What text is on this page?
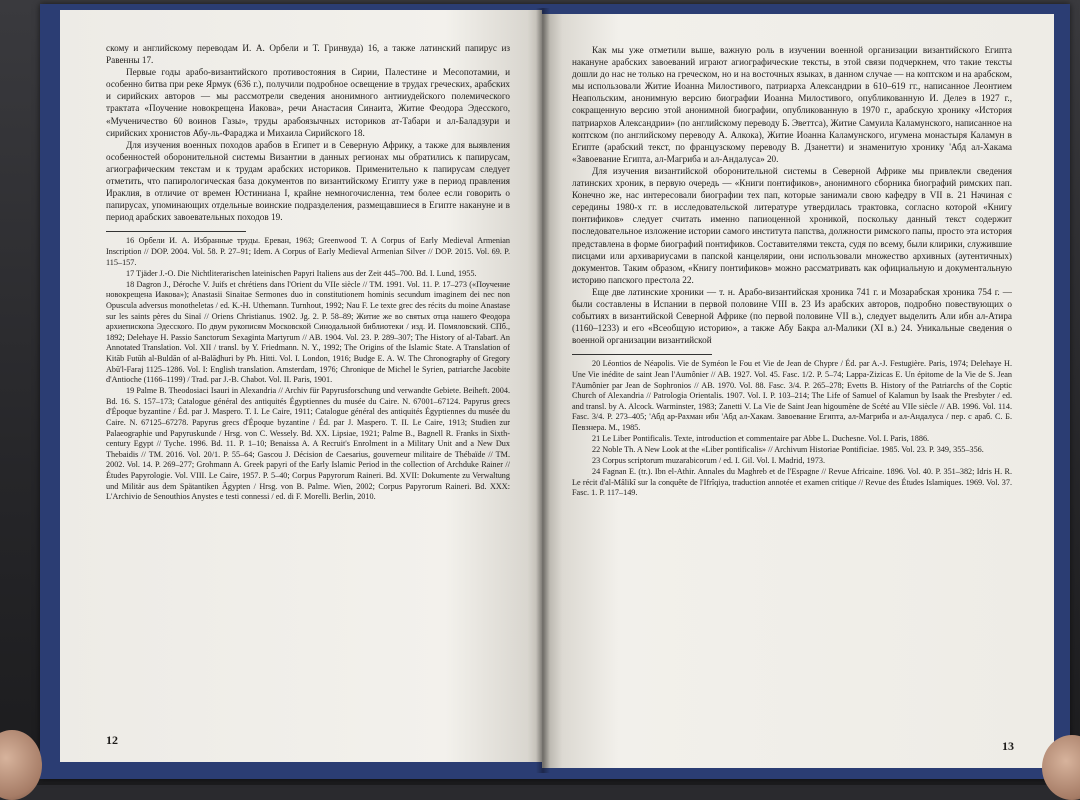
скому и английскому переводам И. А. Орбели и Т. Гринвуда) 16, а также латинский папирус из Равенны 17.

Первые годы арабо-византийского противостояния в Сирии, Палестине и Месопотамии, и особенно битва при реке Ярмук (636 г.), получили подробное освещение в трудах греческих, арабских и сирийских авторов — мы рассмотрели сведения анонимного антииудейского полемического трактата «Поучение новокрещена Иакова», речи Анастасия Синаита, Житие Феодора Эдесского, «Мученичество 60 воинов Газы», труды арабоязычных историков ат-Табари и ал-Баладзури и сирийских хронистов Абу-ль-Фараджа и Михаила Сирийского 18.

Для изучения военных походов арабов в Египет и в Северную Африку, а также для выявления особенностей оборонительной системы Византии в данных регионах мы обратились к папирусам, агиографическим текстам и к трудам арабских историков. Применительно к папирусам следует отметить, что папирологическая база документов по византийскому Египту уже в период правления Ираклия, в отличие от времен Юстиниана I, крайне немногочисленна, тем более если говорить о папирусах, упоминающих отдельные воинские подразделения, размещавшиеся в Египте накануне и в период арабских завоевательных походов 19.

16 Орбели И. А. Избранные труды. Ереван, 1963; Greenwood T. A Corpus of Early Medieval Armenian Inscription // DOP. 2004. Vol. 58. P. 27–91; Idem. A Corpus of Early Medieval Armenian Silver // DOP. 2015. Vol. 69. P. 115–157.

17 Tjäder J.-O. Die Nichtliterarischen lateinischen Papyri Italiens aus der Zeit 445–700. Bd. I. Lund, 1955.

18 Dagron J., Déroche V. Juifs et chrétiens dans l'Orient du VIIe siècle // TM. 1991. Vol. 11. P. 17–273 («Поучение новокрещена Иакова»); Anastasii Sinaitae Sermones duo in constitutionem hominis secundum imaginem dei nec non Opuscula adversus monotheletas / ed. K.-H. Uthemann. Turnhout, 1992; Nau F. Le texte grec des récits du moine Anastase sur les saints pères du Sinaï // Oriens Christianus. 1902. Jg. 2. P. 58–89; Житие же во святых отца нашего Феодора архиепископа Эдесского. По двум рукописям Московской Синодальной библиотеки / изд. И. Помяловский. СПб., 1892; Delehaye H. Passio Sanctorum Sexaginta Martyrum // AB. 1904. Vol. 23. P. 289–307; The History of al-Tabarī. An Annotated Translation. Vol. XII / transl. by Y. Friedmann. N. Y., 1992; The Origins of the Islamic State. A Translation of Kitāb Futūh al-Buldān of al-Balāḏhuri by Ph. Hitti. Vol. I. London, 1916; Budge E. A. W. The Chronography of Gregory Abū'l-Faraj 1125–1286. Vol. I: English translation. Amsterdam, 1976; Chronique de Michel le Syrien, patriarche Jacobite d'Antioche (1166–1199) / Trad. par J.-B. Chabot. Vol. II. Paris, 1901.

19 Palme B. Theodosiaci Isauri in Alexandria // Archiv für Papyrusforschung und verwandte Gebiete. Beiheft. 2004. Bd. 16. S. 157–173; Catalogue général des antiquités Égyptiennes du musée du Caire. N. 67001–67124. Papyrus grecs d'Époque byzantine / Éd. par J. Maspero. T. I. Le Caire, 1911; Catalogue général des antiquités Égyptiennes du musée du Caire. N. 67125–67278. Papyrus grecs d'Époque byzantine / Éd. par J. Maspero. T. II. Le Caire, 1913; Studien zur Palaeographie und Papyruskunde / Hrsg. von C. Wessely. Bd. XX. Lipsiae, 1921; Palme B., Bagnell R. Franks in Sixth-century Egypt // Tyche. 1996. Bd. 11. P. 1–10; Benaissa A. A Recruit's Enrolment in a Military Unit and a New Dux Thebaidis // TM. 2016. Vol. 20/1. P. 55–64; Gascou J. Décision de Caesarius, gouverneur militaire de Thébaïde // TM. 2002. Vol. 14. P. 269–277; Grohmann A. Greek papyri of the Early Islamic Period in the collection of Archduke Rainer // Études Papyrologie. Vol. VIII. Le Caire, 1957. P. 5–40; Corpus Papyrorum Raineri. Bd. XVII: Dokumente zu Verwaltung und Militär aus dem Spätantiken Ägypten / Hrsg. von B. Palme. Wien, 2002; Corpus Papyrorum Raineri. Bd. XXX: L'Archivio de Senouthios Anystes e testi connessi / ed. di F. Morelli. Berlin, 2010.

12

Как мы уже отметили выше, важную роль в изучении военной организации византийского Египта накануне арабских завоеваний играют агиографические тексты, в этой связи подчеркнем, что такие тексты дошли до нас не только на греческом, но и на восточных языках, в данном случае — на коптском и на арабском, мы использовали Житие Иоанна Милостивого, патриарха Александрии в 610–619 гг., написанное Леонтием Неапольским, анонимную версию биографии Иоанна Милостивого, опубликованную И. Делеэ в 1927 г., сокращенную версию этой анонимной биографии, опубликованную в 1970 г., арабскую хронику «История патриархов Александрии» (по английскому переводу Б. Эветтса), Житие Самуила Каламунского, написанное на коптском (по английскому переводу А. Алкока), Житие Иоанна Каламунского, игумена монастыря Каламун в Египте (арабский текст, по французскому переводу В. Дзанетти) и знаменитую хронику 'Абд ал-Хакама «Завоевание Египта, ал-Магриба и ал-Андалуса» 20.

Для изучения византийской оборонительной системы в Северной Африке мы привлекли сведения латинских хроник, в первую очередь — «Книги понтификов», анонимного сборника биографий римских пап. Конечно же, нас интересовали биографии тех пап, которые занимали свою кафедру в VII в. 21 Начиная с середины 1980-х гг. в исследовательской литературе утвердилась трактовка, согласно которой «Книгу понтификов» следует считать именно папиоценной хроникой, поскольку данный текст содержит последовательное изложение истории самого института папства, должности римского папы, просто эта история представлена в форме биографий понтификов. Составителями текста, судя по всему, были клирики, служившие писцами или архивариусами в папской канцелярии, они использовали множество архивных (аутентичных) документов. Таким образом, «Книгу понтификов» можно рассматривать как официальную и документальную историю папского престола 22.

Еще две латинские хроники — т. н. Арабо-византийская хроника 741 г. и Мозарабская хроника 754 г. — были составлены в Испании в первой половине VIII в. 23 Из арабских авторов, подробно повествующих о событиях в византийской Северной Африке (по первой половине VII в.), следует выделить Али ибн ал-Атира (1160–1233) и его «Всеобщую историю», а также Абу Бакра ал-Малики (XI в.) 24. Уникальные сведения о военной организации византийской

20 Léontios de Néapolis. Vie de Syméon le Fou et Vie de Jean de Chypre / Éd. par A.-J. Festugière. Paris, 1974; Delehaye H. Une Vie inédite de saint Jean l'Aumônier // AB. 1927. Vol. 45. Fasc. 1/2. P. 5–74; Lappa-Zizicas E. Un épitome de la Vie de S. Jean l'Aumônier par Jean de Sophronios // AB. 1970. Vol. 88. Fasc. 3/4. P. 265–278; Evetts B. History of the Patriarchs of the Coptic Church of Alexandria // Patrologia Orientalis. 1907. Vol. I. P. 103–214; The Life of Samuel of Kalamun by Isaak the Presbyter / ed. and transl. by A. Alcock. Warminster, 1983; Zanetti V. La Vie de Saint Jean higoumène de Scété au VIIe siècle // AB. 1996. Vol. 114. Fasc. 3/4. P. 273–405; 'Абд ар-Рахман ибн 'Абд ал-Хакам. Завоевание Египта, ал-Магриба и ал-Андалуса / пер. с араб. С. Б. Певзнера. М., 1985.

21 Le Liber Pontificalis. Texte, introduction et commentaire par Abbe L. Duchesne. Vol. I. Paris, 1886.

22 Noble Th. A New Look at the «Liber pontificalis» // Archivum Historiae Pontificiae. 1985. Vol. 23. P. 349, 355–356.

23 Corpus scriptorum muzarabicorum / ed. I. Gil. Vol. I. Madrid, 1973.

24 Fagnan E. (tr.). Ibn el-Athir. Annales du Maghreb et de l'Espagne // Revue Africaine. 1896. Vol. 40. P. 351–382; Idris H. R. Le récit d'al-Mâlikî sur la conquête de l'Ifrîqiya, traduction annotée et examen critique // Revue des Études Islamiques. 1969. Vol. 37. Fasc. 1. P. 117–149.

13
